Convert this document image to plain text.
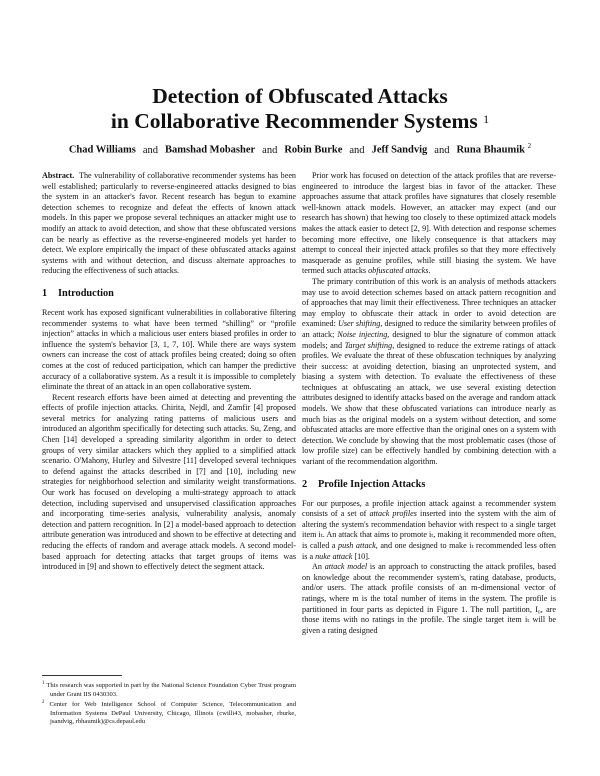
Detection of Obfuscated Attacks
in Collaborative Recommender Systems $^1$
Chad Williams and Bamshad Mobasher and Robin Burke and Jeff Sandvig and Runa Bhaumik $^2$

Abstract. The vulnerability of collaborative recommender systems has been well established; particularly to reverse-engineered attacks designed to bias the system in an attacker's favor. Recent research has begun to examine detection schemes to recognize and defeat the effects of known attack models. In this paper we propose several techniques an attacker might use to modify an attack to avoid detection, and show that these obfuscated versions can be nearly as effective as the reverse-engineered models yet harder to detect. We explore empirically the impact of these obfuscated attacks against systems with and without detection, and discuss alternate approaches to reducing the effectiveness of such attacks.

1 Introduction

Recent work has exposed significant vulnerabilities in collaborative filtering recommender systems to what have been termed “shilling” or “profile injection” attacks in which a malicious user enters biased profiles in order to influence the system's behavior [3, 1, 7, 10]. While there are ways system owners can increase the cost of attack profiles being created; doing so often comes at the cost of reduced participation, which can hamper the predictive accuracy of a collaborative system. As a result it is impossible to completely eliminate the threat of an attack in an open collaborative system.

Recent research efforts have been aimed at detecting and preventing the effects of profile injection attacks. Chirita, Nejdl, and Zamfir [4] proposed several metrics for analyzing rating patterns of malicious users and introduced an algorithm specifically for detecting such attacks. Su, Zeng, and Chen [14] developed a spreading similarity algorithm in order to detect groups of very similar attackers which they applied to a simplified attack scenario. O'Mahony, Hurley and Silvestre [11] developed several techniques to defend against the attacks described in [7] and [10], including new strategies for neighborhood selection and similarity weight transformations. Our work has focused on developing a multi-strategy approach to attack detection, including supervised and unsupervised classification approaches and incorporating time-series analysis, vulnerability analysis, anomaly detection and pattern recognition. In [2] a model-based approach to detection attribute generation was introduced and shown to be effective at detecting and reducing the effects of random and average attack models. A second model-based approach for detecting attacks that target groups of items was introduced in [9] and shown to effectively detect the segment attack.

$^1$ This research was supported in part by the National Science Foundation Cyber Trust program under Grant IIS 0430303.
$^2$ Center for Web Intelligence School of Computer Science, Telecommunication and Information Systems DePaul University, Chicago, Illinois (cwilli43, mobasher, rburke, jsandvig, rbhaumik)@cs.depaul.edu

Prior work has focused on detection of the attack profiles that are reverse-engineered to introduce the largest bias in favor of the attacker. These approaches assume that attack profiles have signatures that closely resemble well-known attack models. However, an attacker may expect (and our research has shown) that hewing too closely to these optimized attack models makes the attack easier to detect [2, 9]. With detection and response schemes becoming more effective, one likely consequence is that attackers may attempt to conceal their injected attack profiles so that they more effectively masquerade as genuine profiles, while still biasing the system. We have termed such attacks obfuscated attacks.

The primary contribution of this work is an analysis of methods attackers may use to avoid detection schemes based on attack pattern recognition and of approaches that may limit their effectiveness. Three techniques an attacker may employ to obfuscate their attack in order to avoid detection are examined: User shifting, designed to reduce the similarity between profiles of an attack; Noise injecting, designed to blur the signature of common attack models; and Target shifting, designed to reduce the extreme ratings of attack profiles. We evaluate the threat of these obfuscation techniques by analyzing their success: at avoiding detection, biasing an unprotected system, and biasing a system with detection. To evaluate the effectiveness of these techniques at obfuscating an attack, we use several existing detection attributes designed to identify attacks based on the average and random attack models. We show that these obfuscated variations can introduce nearly as much bias as the original models on a system without detection, and some obfuscated attacks are more effective than the original ones on a system with detection. We conclude by showing that the most problematic cases (those of low profile size) can be effectively handled by combining detection with a variant of the recommendation algorithm.

2 Profile Injection Attacks

For our purposes, a profile injection attack against a recommender system consists of a set of attack profiles inserted into the system with the aim of altering the system's recommendation behavior with respect to a single target item iₜ. An attack that aims to promote iₜ, making it recommended more often, is called a push attack, and one designed to make iₜ recommended less often is a nuke attack [10].

An attack model is an approach to constructing the attack profiles, based on knowledge about the recommender system's, rating database, products, and/or users. The attack profile consists of an m-dimensional vector of ratings, where m is the total number of items in the system. The profile is partitioned in four parts as depicted in Figure 1. The null partition, I₀, are those items with no ratings in the profile. The single target item iₜ will be given a rating designed
